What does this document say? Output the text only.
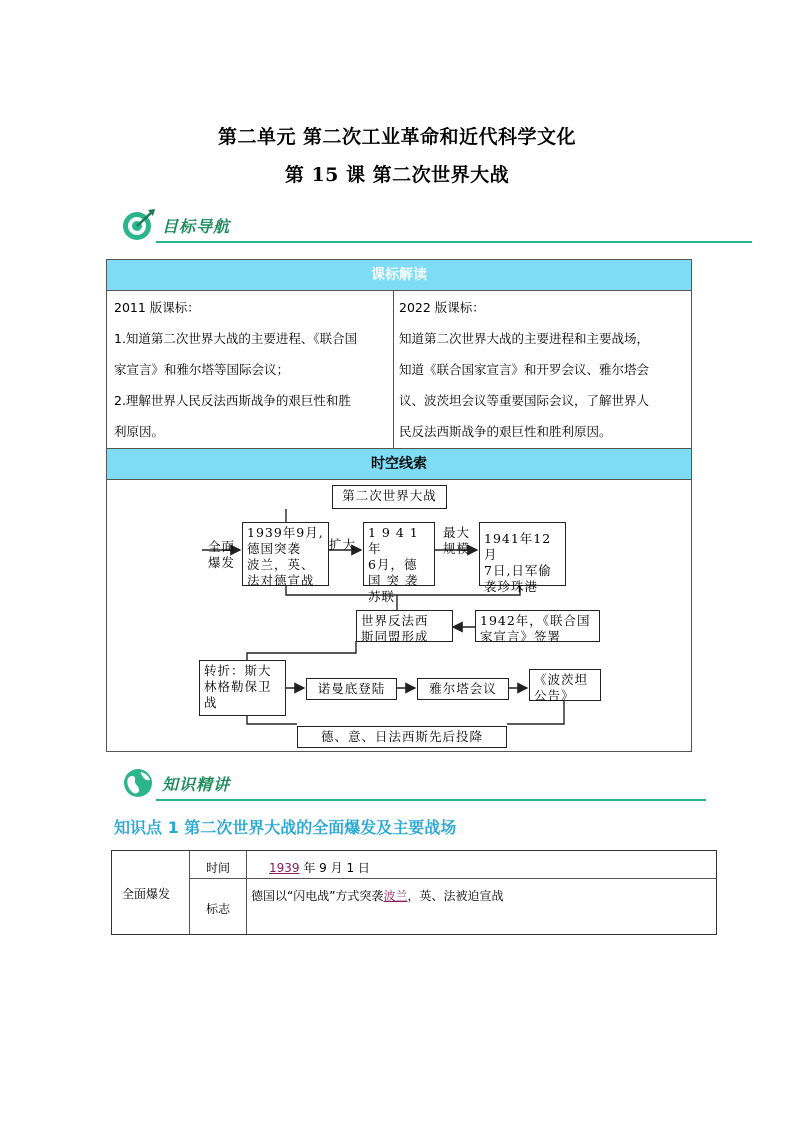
第二单元 第二次工业革命和近代科学文化
第 15 课 第二次世界大战
目标导航
课标解读
2011 版课标：
1.知道第二次世界大战的主要进程、《联合国
家宣言》和雅尔塔等国际会议；
2.理解世界人民反法西斯战争的艰巨性和胜
利原因。
2022 版课标：
知道第二次世界大战的主要进程和主要战场，
知道《联合国家宣言》和开罗会议、雅尔塔会
议、波茨坦会议等重要国际会议，了解世界人
民反法西斯战争的艰巨性和胜利原因。
时空线索
第二次世界大战
全面
爆发
1939年9月,
德国突袭
波兰，英、
法对德宣战
扩大
1 9 4 1 年
6月，德
国 突 袭
苏联
最大
规模
1941年12月
7日,日军偷
袭珍珠港
世界反法西
斯同盟形成
1942年，《联合国
家宣言》签署
转折：斯大
林格勒保卫
战
诺曼底登陆	雅尔塔会议
《波茨坦
公告》
德、意、日法西斯先后投降
知识精讲
知识点 1 第二次世界大战的全面爆发及主要战场
全面爆发
时间
标志
1939 年 9 月 1 日
德国以“闪电战”方式突袭波兰，英、法被迫宣战
